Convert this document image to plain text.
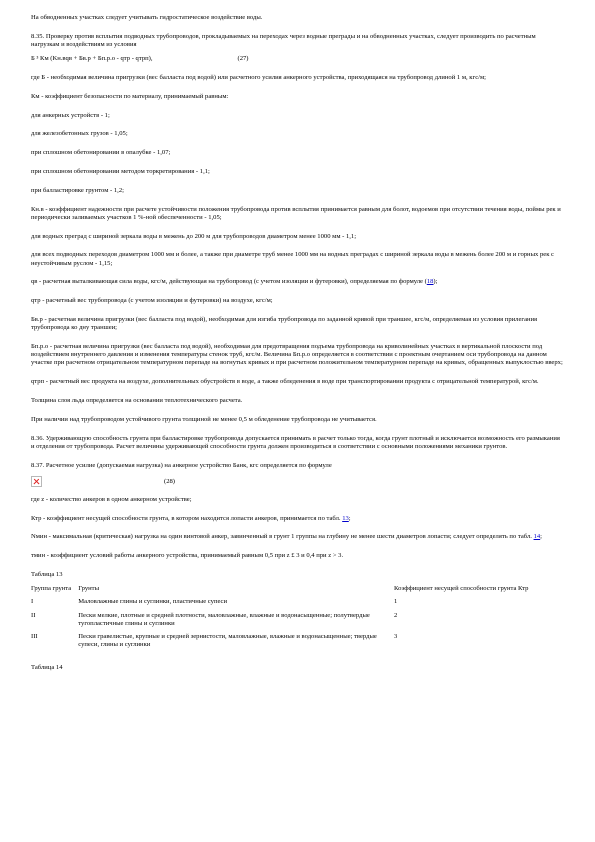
На обводненных участках следует учитывать гидростатическое воздействие воды.

8.35. Проверку против всплытия подводных трубопроводов, прокладываемых на переходах через водные преграды и на обводненных участках, следует производить по расчетным нагрузкам и воздействиям из условия

Б ³ Км (Kн.вqв + Бв.р + Бп.р.о - qтр - qтрп),	(27)

где Б - необходимая величина пригрузки (вес балласта под водой) или расчетного усилия анкерного устройства, приходящаяся на трубопровод длиной 1 м, кгс/м;

Км - коэффициент безопасности по материалу, принимаемый равным:

для анкерных устройств - 1;

для железобетонных грузов - 1,05;

при сплошном обетонировании в опалубке - 1,07;

при сплошном обетонировании методом торкретирования - 1,1;

при балластировке грунтом - 1,2;

Кн.в - коэффициент надежности при расчете устойчивости положения трубопровода против всплытия принимается равным для болот, водоемов при отсутствии течения воды, поймы рек и периодически заливаемых участков 1 %-ной обеспеченности - 1,05;

для водных преград с шириной зеркала воды в межень до 200 м для трубопроводов диаметром менее 1000 мм - 1,1;

для всех подводных переходов диаметром 1000 мм и более, а также при диаметре труб менее 1000 мм на водных преградах с шириной зеркала воды в межень более 200 м и горных рек с неустойчивым руслом - 1,15;

qв - расчетная выталкивающая сила воды, кгс/м, действующая на трубопровод (с учетом изоляции и футеровки), определяемая по формуле (18);

qтр - расчетный вес трубопровода (с учетом изоляции и футеровки) на воздухе, кгс/м;

Бв.р - расчетная величина пригрузки (вес балласта под водой), необходимая для изгиба трубопровода по заданной кривой при траншее, кгс/м, определяемая из условия прилегания трубопровода ко дну траншеи;

Бп.р.о - расчетная величина пригрузки (вес балласта под водой), необходимая для предотвращения подъема трубопровода на криволинейных участках в вертикальной плоскости под воздействием внутреннего давления и изменения температуры стенок труб, кгс/м. Величина Бп.р.о определяется в соответствии с проектным очертанием оси трубопровода на данном участке при расчетном отрицательном температурном перепаде на вогнутых кривых и при расчетном положительном температурном перепаде на кривых, обращенных выпуклостью вверх;

qтрп - расчетный вес продукта на воздухе, дополнительных обустройств в воде, а также обледенения в воде при транспортировании продукта с отрицательной температурой, кгс/м.

Толщина слоя льда определяется на основании теплотехнического расчета.

При наличии над трубопроводом устойчивого грунта толщиной не менее 0,5 м обледенение трубопровода не учитывается.

8.36. Удерживающую способность грунта при балластировке трубопровода допускается принимать в расчет только тогда, когда грунт плотный и исключается возможность его размыкания и отделения от трубопровода. Расчет величины удерживающей способности грунта должен производиться в соответствии с основными положениями механики грунтов.

8.37. Расчетное усилие (допускаемая нагрузка) на анкерное устройство Банк, кгс определяется по формуле

(28)

где z - количество анкеров в одном анкерном устройстве;

Ктр - коэффициент несущей способности грунта, в котором находится лопасти анкеров, принимается по табл. 13;

Nмин - максимальная (критическая) нагрузка на один винтовой анкер, завинченный в грунт 1 группы на глубину не менее шести диаметров лопасти; следует определять по табл. 14;

тмин - коэффициент условий работы анкерного устройства, принимаемый равным 0,5 при z £ 3 и 0,4 при z > 3.

Таблица 13

Группа грунта	Грунты	Коэффициент несущей способности грунта Ктр
I	Маловлажные глины и суглинки, пластичные супеси	1
II	Пески мелкие, плотные и средней плотности, маловлажные, влажные и водонасыщенные; полутвердые тугопластичные глины и суглинки	2
III	Пески гравелистые, крупные и средней зернистости, маловлажные, влажные и водонасыщенные; твердые супеси, глины и суглинки	3

Таблица 14
